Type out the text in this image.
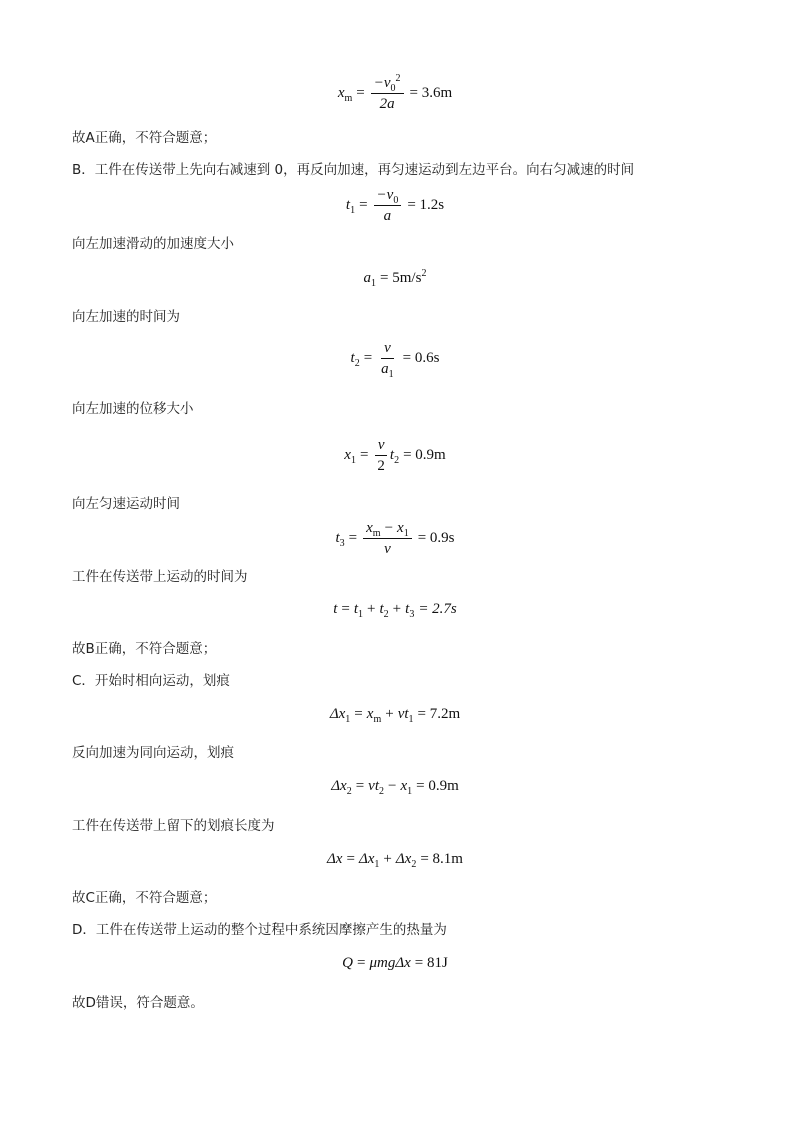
$x_m = \frac{-v_0^2}{2a} = 3.6m$
故A正确，不符合题意；
B．工件在传送带上先向右减速到 0，再反向加速，再匀速运动到左边平台。向右匀减速的时间
$t_1 = \frac{-v_0}{a} = 1.2s$
向左加速滑动的加速度大小
$a_1 = 5m/s^2$
向左加速的时间为
$t_2 = \frac{v}{a_1} = 0.6s$
向左加速的位移大小
$x_1 = \frac{v}{2} t_2 = 0.9m$
向左匀速运动时间
$t_3 = \frac{x_m - x_1}{v} = 0.9s$
工件在传送带上运动的时间为
$t = t_1 + t_2 + t_3 = 2.7s$
故B正确，不符合题意；
C．开始时相向运动，划痕
$\Delta x_1 = x_m + vt_1 = 7.2m$
反向加速为同向运动，划痕
$\Delta x_2 = vt_2 - x_1 = 0.9m$
工件在传送带上留下的划痕长度为
$\Delta x = \Delta x_1 + \Delta x_2 = 8.1m$
故C正确，不符合题意；
D．工件在传送带上运动的整个过程中系统因摩擦产生的热量为
Q = μmgΔx = 81J
故D错误，符合题意。
